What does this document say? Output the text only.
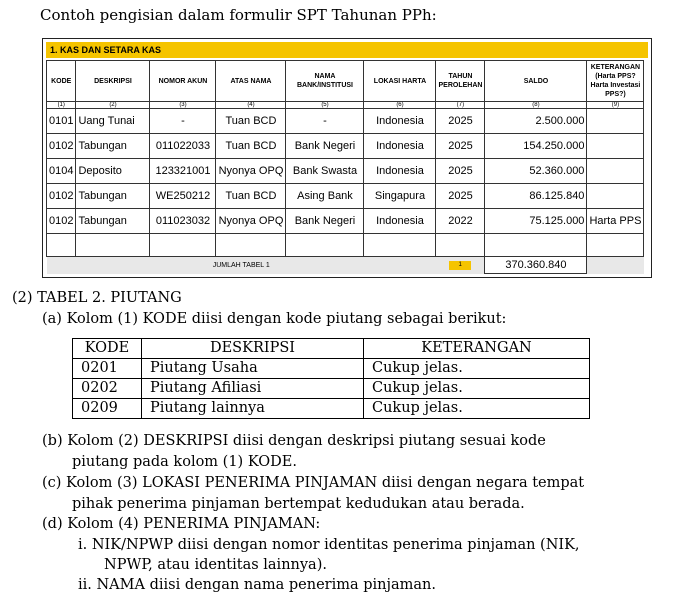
Contoh pengisian dalam formulir SPT Tahunan PPh:
1. KAS DAN SETARA KAS
KODE	DESKRIPSI	NOMOR AKUN	ATAS NAMA	NAMA BANK/INSTITUSI	LOKASI HARTA	TAHUN PEROLEHAN	SALDO	KETERANGAN (Harta PPS? Harta Investasi PPS?)
(1)	(2)	(3)	(4)	(5)	(6)	(7)	(8)	(9)
0101	Uang Tunai	-	Tuan BCD	-	Indonesia	2025	2.500.000	
0102	Tabungan	011022033	Tuan BCD	Bank Negeri	Indonesia	2025	154.250.000	
0104	Deposito	123321001	Nyonya OPQ	Bank Swasta	Indonesia	2025	52.360.000	
0102	Tabungan	WE250212	Tuan BCD	Asing Bank	Singapura	2025	86.125.840	
0102	Tabungan	011023032	Nyonya OPQ	Bank Negeri	Indonesia	2022	75.125.000	Harta PPS

JUMLAH TABEL 1						1	370.360.840	
(2) TABEL 2. PIUTANG
(a) Kolom (1) KODE diisi dengan kode piutang sebagai berikut:
KODE	DESKRIPSI	KETERANGAN
0201	Piutang Usaha	Cukup jelas.
0202	Piutang Afiliasi	Cukup jelas.
0209	Piutang lainnya	Cukup jelas.
(b) Kolom (2) DESKRIPSI diisi dengan deskripsi piutang sesuai kode
piutang pada kolom (1) KODE.
(c) Kolom (3) LOKASI PENERIMA PINJAMAN diisi dengan negara tempat
pihak penerima pinjaman bertempat kedudukan atau berada.
(d) Kolom (4) PENERIMA PINJAMAN:
i. NIK/NPWP diisi dengan nomor identitas penerima pinjaman (NIK,
NPWP, atau identitas lainnya).
ii. NAMA diisi dengan nama penerima pinjaman.
